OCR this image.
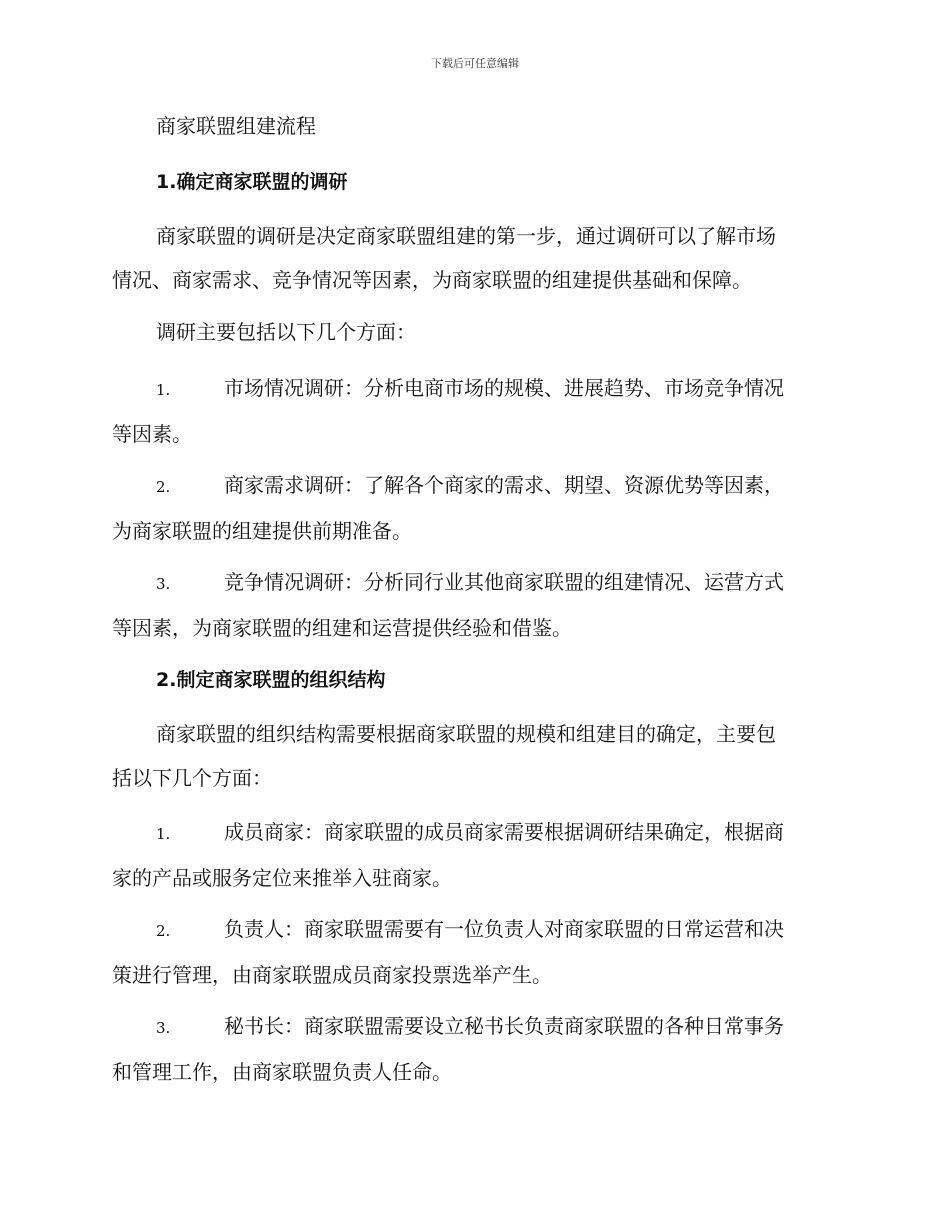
下载后可任意编辑
商家联盟组建流程
1.确定商家联盟的调研
商家联盟的调研是决定商家联盟组建的第一步，通过调研可以了解市场
情况、商家需求、竞争情况等因素，为商家联盟的组建提供基础和保障。
调研主要包括以下几个方面：
1.	市场情况调研：分析电商市场的规模、进展趋势、市场竞争情况
等因素。
2.	商家需求调研：了解各个商家的需求、期望、资源优势等因素，
为商家联盟的组建提供前期准备。
3.	竞争情况调研：分析同行业其他商家联盟的组建情况、运营方式
等因素，为商家联盟的组建和运营提供经验和借鉴。
2.制定商家联盟的组织结构
商家联盟的组织结构需要根据商家联盟的规模和组建目的确定，主要包
括以下几个方面：
1.	成员商家：商家联盟的成员商家需要根据调研结果确定，根据商
家的产品或服务定位来推举入驻商家。
2.	负责人：商家联盟需要有一位负责人对商家联盟的日常运营和决
策进行管理，由商家联盟成员商家投票选举产生。
3.	秘书长：商家联盟需要设立秘书长负责商家联盟的各种日常事务
和管理工作，由商家联盟负责人任命。
